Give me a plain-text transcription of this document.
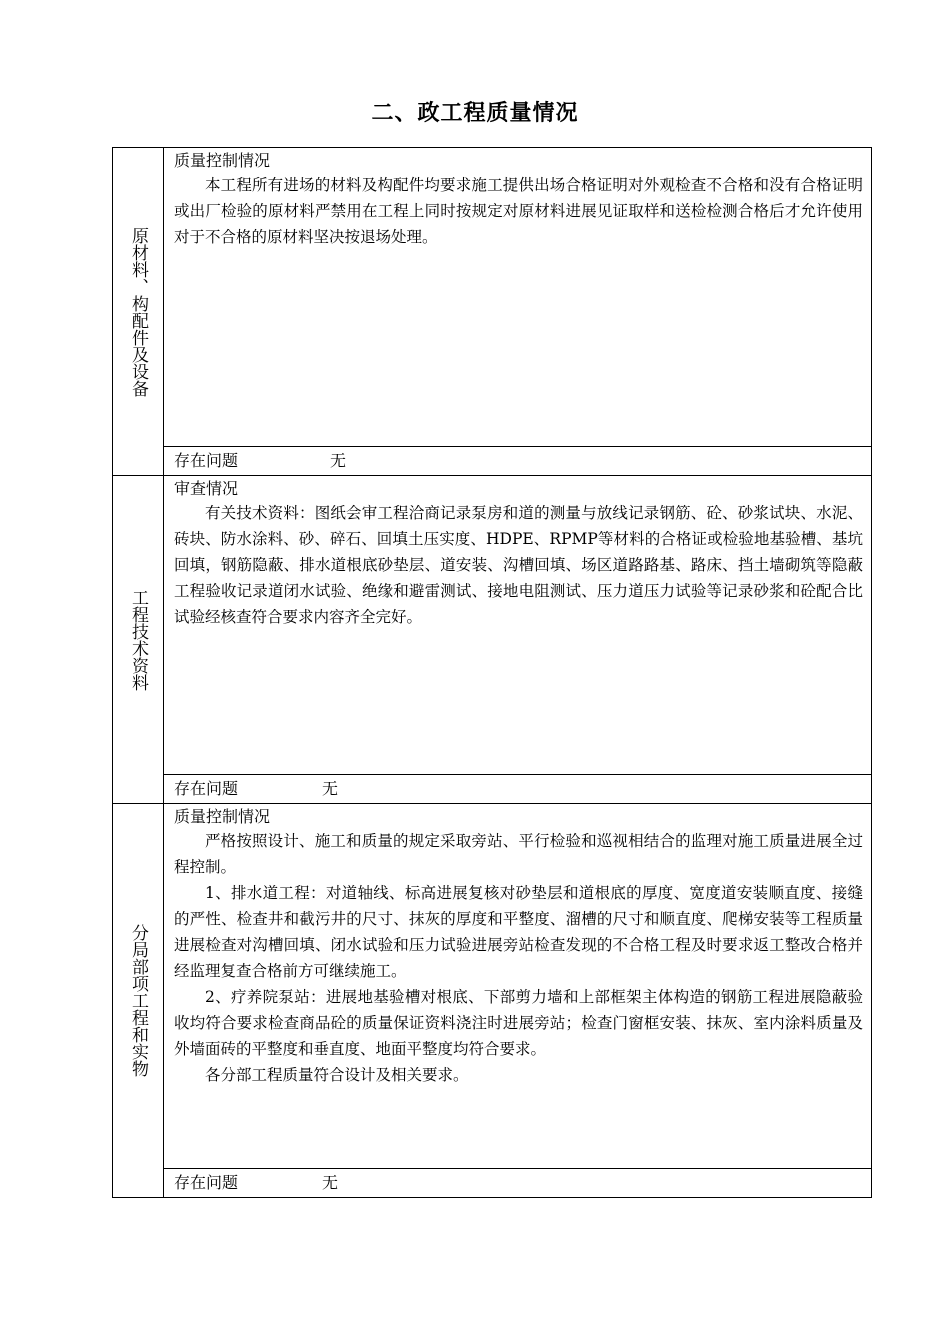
二、政工程质量情况
原材料、构配件及设备	质量控制情况

本工程所有进场的材料及构配件均要求施工提供出场合格证明对外观检查不合格和没有合格证明或出厂检验的原材料严禁用在工程上同时按规定对原材料进展见证取样和送检检测合格后才允许使用对于不合格的原材料坚决按退场处理。

	存在问题 无

工程技术资料	审查情况

有关技术资料：图纸会审工程洽商记录泵房和道的测量与放线记录钢筋、砼、砂浆试块、水泥、砖块、防水涂料、砂、碎石、回填土压实度、HDPE、RPMP等材料的合格证或检验地基验槽、基坑回填，钢筋隐蔽、排水道根底砂垫层、道安装、沟槽回填、场区道路路基、路床、挡土墙砌筑等隐蔽工程验收记录道闭水试验、绝缘和避雷测试、接地电阻测试、压力道压力试验等记录砂浆和砼配合比试验经核查符合要求内容齐全完好。

	存在问题 无

分局部项工程和实物	质量控制情况

严格按照设计、施工和质量的规定采取旁站、平行检验和巡视相结合的监理对施工质量进展全过程控制。

1、排水道工程：对道轴线、标高进展复核对砂垫层和道根底的厚度、宽度道安装顺直度、接缝的严性、检查井和截污井的尺寸、抹灰的厚度和平整度、溜槽的尺寸和顺直度、爬梯安装等工程质量进展检查对沟槽回填、闭水试验和压力试验进展旁站检查发现的不合格工程及时要求返工整改合格并经监理复查合格前方可继续施工。

2、疗养院泵站：进展地基验槽对根底、下部剪力墙和上部框架主体构造的钢筋工程进展隐蔽验收均符合要求检查商品砼的质量保证资料浇注时进展旁站；检查门窗框安装、抹灰、室内涂料质量及外墙面砖的平整度和垂直度、地面平整度均符合要求。

各分部工程质量符合设计及相关要求。

	存在问题 无
